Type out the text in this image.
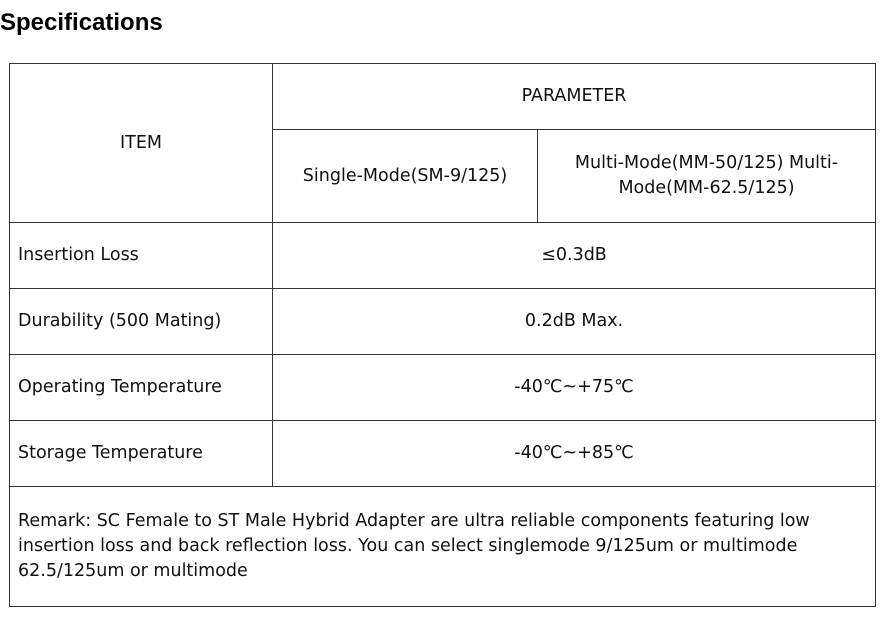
Specifications
ITEM	PARAMETER	
	Single-Mode(SM-9/125)	Multi-Mode(MM-50/125) Multi-Mode(MM-62.5/125)
Insertion Loss	≤0.3dB	
Durability (500 Mating)	0.2dB Max.	
Operating Temperature	-40℃~+75℃	
Storage Temperature	-40℃~+85℃	
Remark: SC Female to ST Male Hybrid Adapter are ultra reliable components featuring low insertion loss and back reflection loss. You can select singlemode 9/125um or multimode 62.5/125um or multimode		
